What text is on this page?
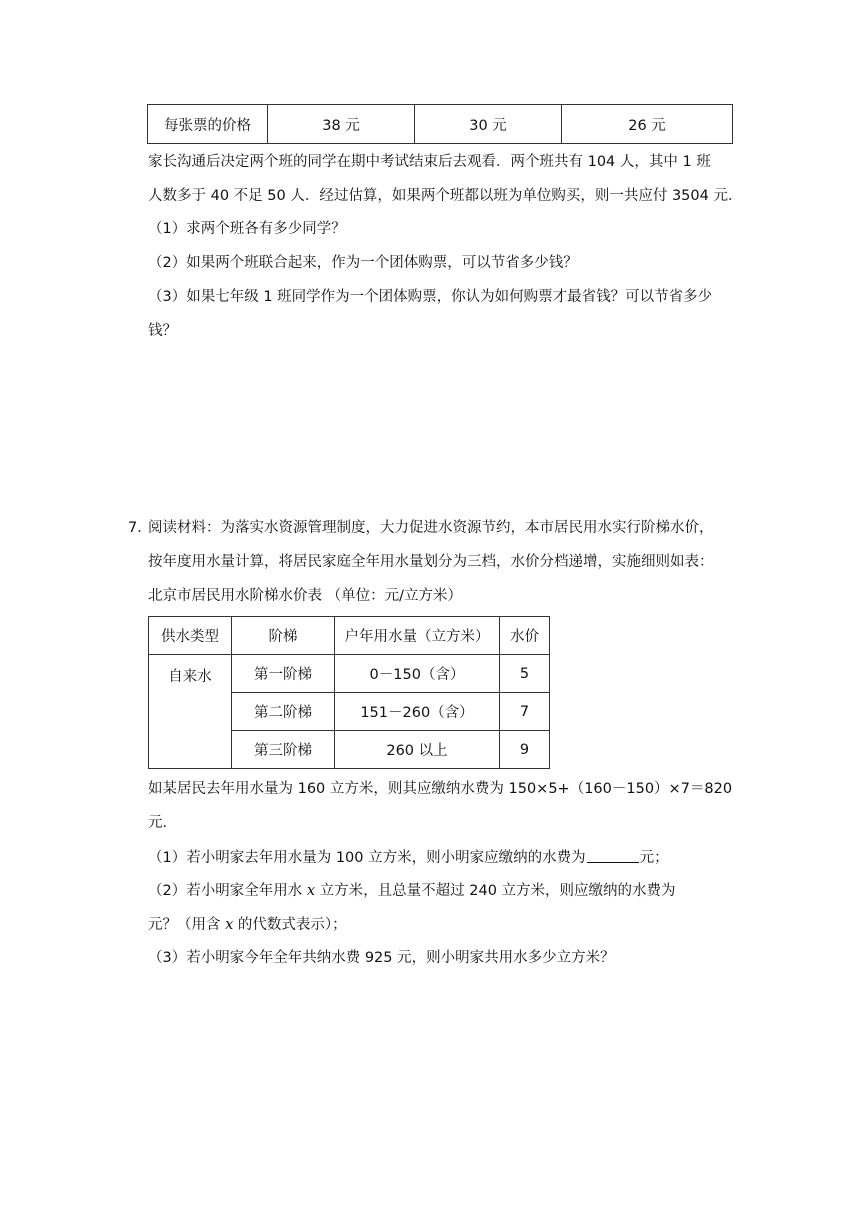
每张票的价格	38 元	30 元	26 元
家长沟通后决定两个班的同学在期中考试结束后去观看．两个班共有 104 人，其中 1 班
人数多于 40 不足 50 人．经过估算，如果两个班都以班为单位购买，则一共应付 3504 元．
（1）求两个班各有多少同学？
（2）如果两个班联合起来，作为一个团体购票，可以节省多少钱？
（3）如果七年级 1 班同学作为一个团体购票，你认为如何购票才最省钱？可以节省多少
钱？
7．
阅读材料：为落实水资源管理制度，大力促进水资源节约，本市居民用水实行阶梯水价，
按年度用水量计算，将居民家庭全年用水量划分为三档，水价分档递增，实施细则如表：
北京市居民用水阶梯水价表 （单位：元/立方米）
供水类型	阶梯	户年用水量（立方米）	水价
自来水	第一阶梯	0－150（含）	5
	第二阶梯	151－260（含）	7
	第三阶梯	260 以上	9
如某居民去年用水量为 160 立方米，则其应缴纳水费为 150×5+（160－150）×7＝820
元．
（1）若小明家去年用水量为 100 立方米，则小明家应缴纳的水费为	元；
（2）若小明家全年用水 x 立方米，且总量不超过 240 立方米，则应缴纳的水费为
元？（用含 x 的代数式表示）；
（3）若小明家今年全年共纳水费 925 元，则小明家共用水多少立方米？
